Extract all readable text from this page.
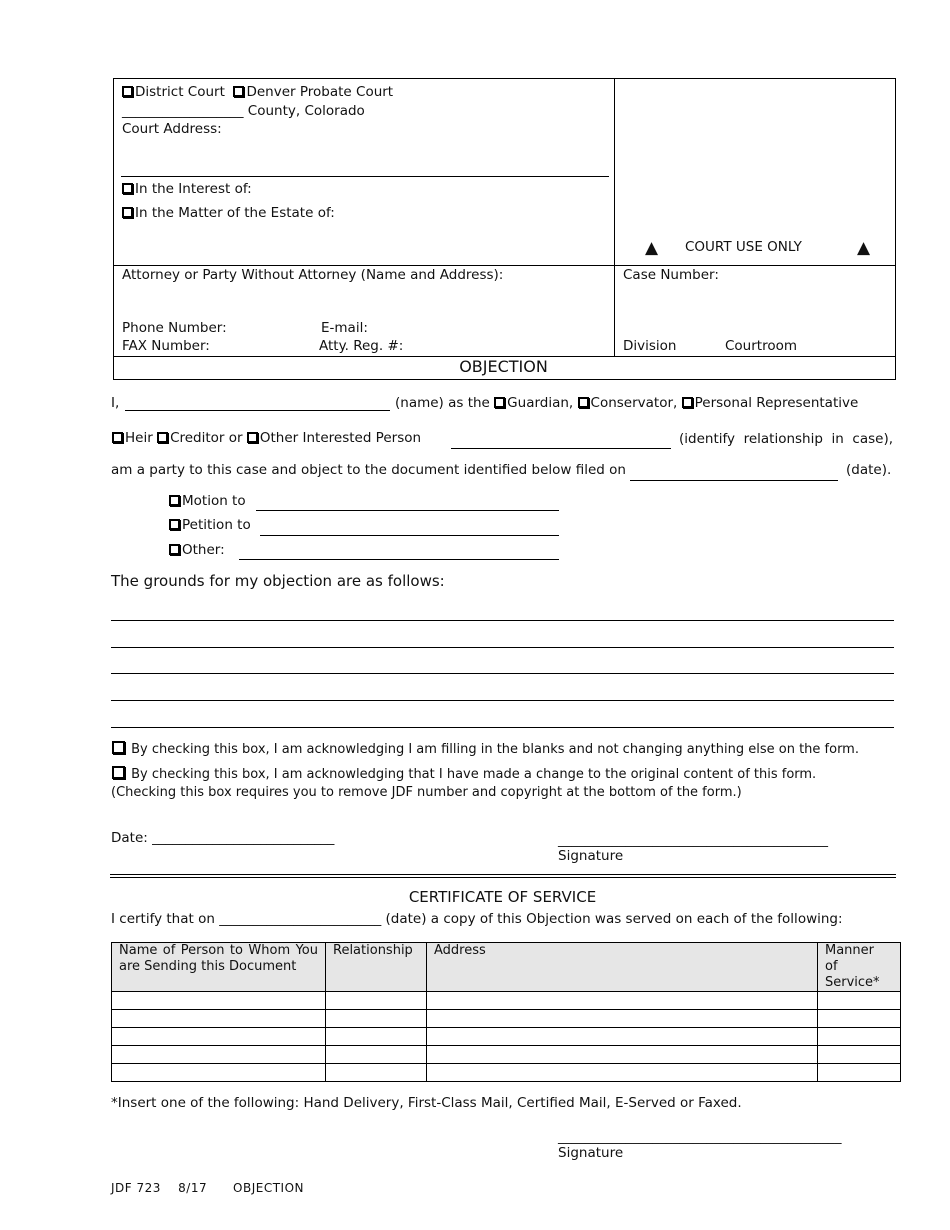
District Court Denver Probate Court
__________________ County, Colorado
Court Address:
In the Interest of:
In the Matter of the Estate of:
▲ COURT USE ONLY	▲
Attorney or Party Without Attorney (Name and Address):
Phone Number:	E-mail:
FAX Number:	Atty. Reg. #:
Case Number:
Division	Courtroom
OBJECTION
I,	(name) as the Guardian, Conservator, Personal Representative
Heir Creditor or Other Interested Person	(identify relationship in case),
am a party to this case and object to the document identified below filed on	(date).
Motion to
Petition to
Other:
The grounds for my objection are as follows:
By checking this box, I am acknowledging I am filling in the blanks and not changing anything else on the form.
By checking this box, I am acknowledging that I have made a change to the original content of this form.
(Checking this box requires you to remove JDF number and copyright at the bottom of the form.)
Date: ___________________________	________________________________________
Signature
CERTIFICATE OF SERVICE
I certify that on ________________________ (date) a copy of this Objection was served on each of the following:
Name of Person to Whom You are Sending this Document	Relationship	Address	Manner of Service*

*Insert one of the following: Hand Delivery, First-Class Mail, Certified Mail, E-Served or Faxed.
__________________________________________
Signature
JDF 723 8/17 OBJECTION
